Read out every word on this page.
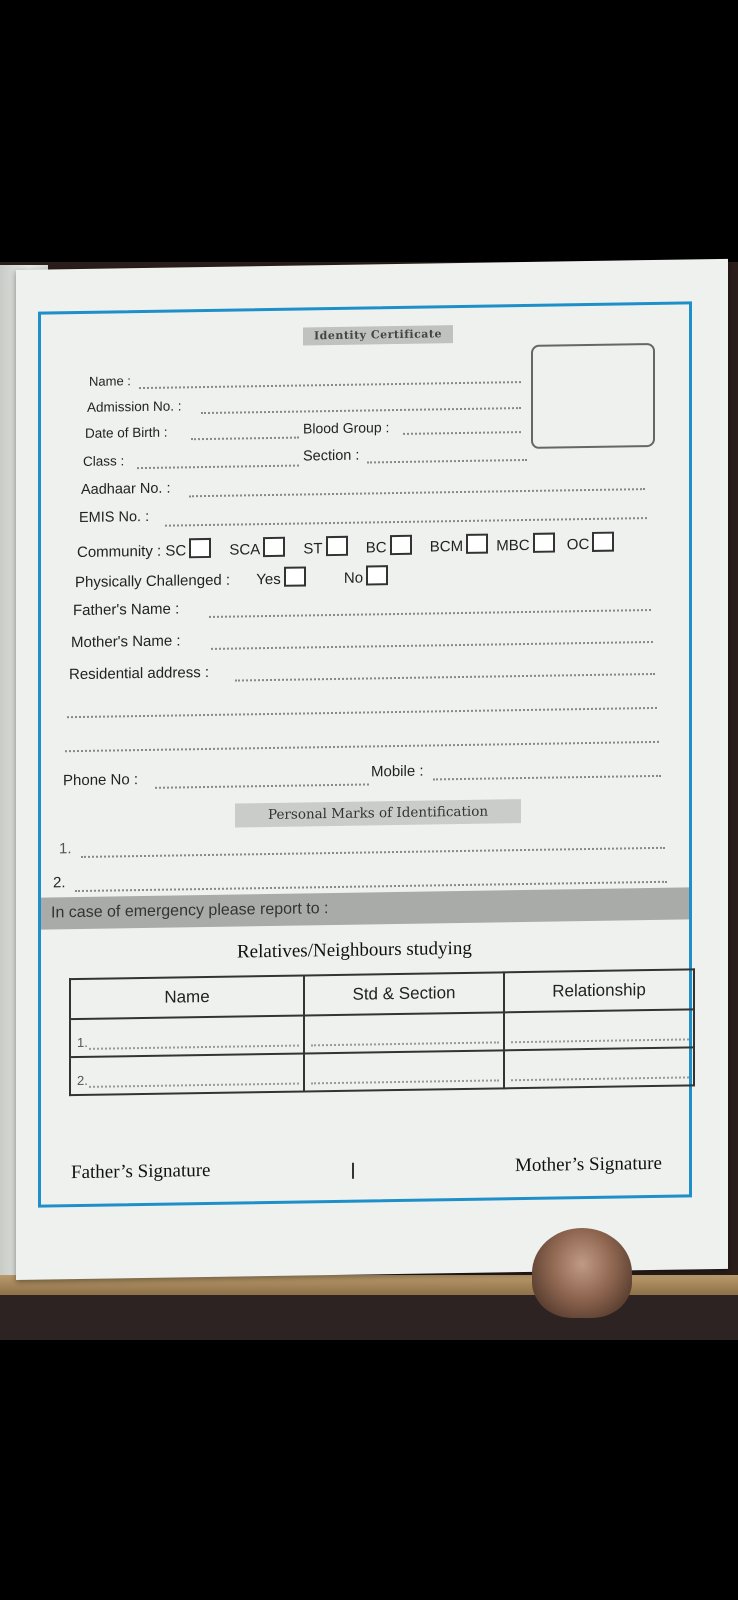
Identity Certificate
Name :
Admission No. :
Date of Birth :	Blood Group :
Class :	Section :
Aadhaar No. :
EMIS No. :
Community : SC	SCA	ST	BC	BCM MBC OC
Physically Challenged : Yes	No
Father's Name :
Mother's Name :
Residential address :
Phone No :	Mobile :
Personal Marks of Identification
1.
2.
In case of emergency please report to :
Relatives/Neighbours studying
Name	Std & Section	Relationship

1.		

2.		

Father’s Signature	Mother’s Signature
